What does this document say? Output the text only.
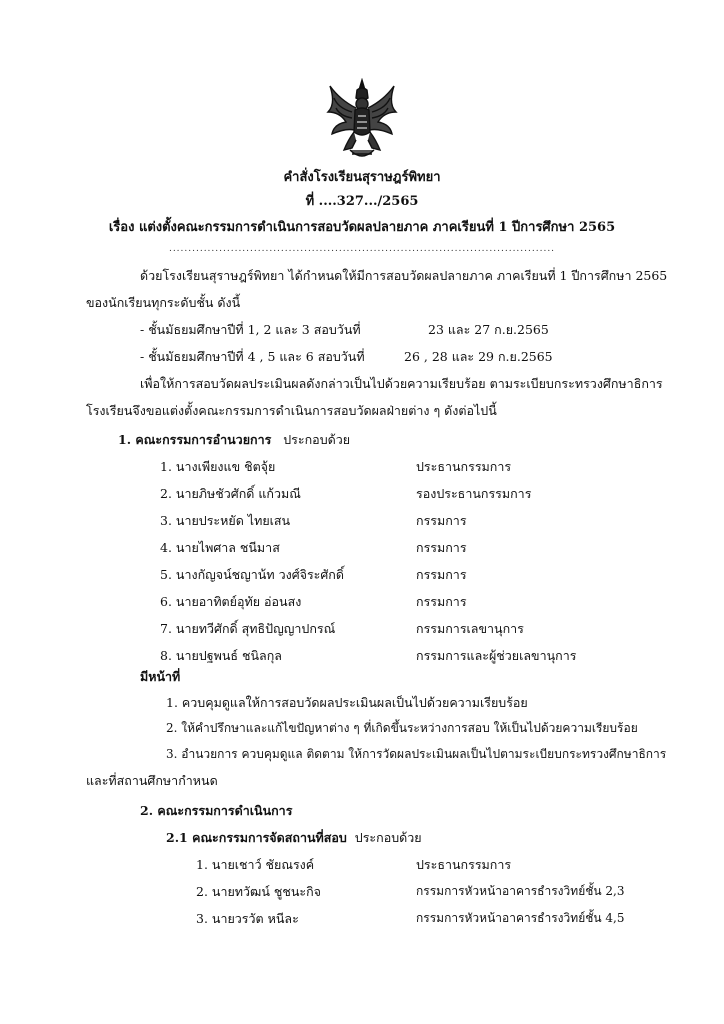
คำสั่งโรงเรียนสุราษฎร์พิทยา
ที่ ....327.../2565
เรื่อง แต่งตั้งคณะกรรมการดำเนินการสอบวัดผลปลายภาค ภาคเรียนที่ 1 ปีการศึกษา 2565
....................................................................................................
ด้วยโรงเรียนสุราษฎร์พิทยา ได้กำหนดให้มีการสอบวัดผลปลายภาค ภาคเรียนที่ 1 ปีการศึกษา 2565
ของนักเรียนทุกระดับชั้น ดังนี้
- ชั้นมัธยมศึกษาปีที่ 1, 2 และ 3 สอบวันที่	23 และ 27 ก.ย.2565
- ชั้นมัธยมศึกษาปีที่ 4 , 5 และ 6 สอบวันที่	26 , 28 และ 29 ก.ย.2565
เพื่อให้การสอบวัดผลประเมินผลดังกล่าวเป็นไปด้วยความเรียบร้อย ตามระเบียบกระทรวงศึกษาธิการ
โรงเรียนจึงขอแต่งตั้งคณะกรรมการดำเนินการสอบวัดผลฝ่ายต่าง ๆ ดังต่อไปนี้
1. คณะกรรมการอำนวยการ ประกอบด้วย
1. นางเพียงแข ชิตจุ้ย	ประธานกรรมการ
2. นายภิษชัวศักดิ์ แก้วมณี	รองประธานกรรมการ
3. นายประหยัด ไทยเสน	กรรมการ
4. นายไพศาล ชนีมาส	กรรมการ
5. นางกัญจน์ชญาน้ท วงศ์จิระศักดิ์	กรรมการ
6. นายอาทิตย์อุทัย อ่อนสง	กรรมการ
7. นายทวีศักดิ์ สุทธิปัญญาปกรณ์	กรรมการเลขานุการ
8. นายปฐพนธ์ ชนิลกุล	กรรมการและผู้ช่วยเลขานุการ
มีหน้าที่
1. ควบคุมดูแลให้การสอบวัดผลประเมินผลเป็นไปด้วยความเรียบร้อย
2. ให้คำปรึกษาและแก้ไขปัญหาต่าง ๆ ที่เกิดขึ้นระหว่างการสอบ ให้เป็นไปด้วยความเรียบร้อย
3. อำนวยการ ควบคุมดูแล ติดตาม ให้การวัดผลประเมินผลเป็นไปตามระเบียบกระทรวงศึกษาธิการ
และที่สถานศึกษากำหนด
2. คณะกรรมการดำเนินการ
2.1 คณะกรรมการจัดสถานที่สอบ ประกอบด้วย
1. นายเชาว์ ชัยณรงค์	ประธานกรรมการ
2. นายทวัฒน์ ชูชนะกิจ	กรรมการหัวหน้าอาคารธำรงวิทย์ชั้น 2,3
3. นายวรวัต หนีละ	กรรมการหัวหน้าอาคารธำรงวิทย์ชั้น 4,5
